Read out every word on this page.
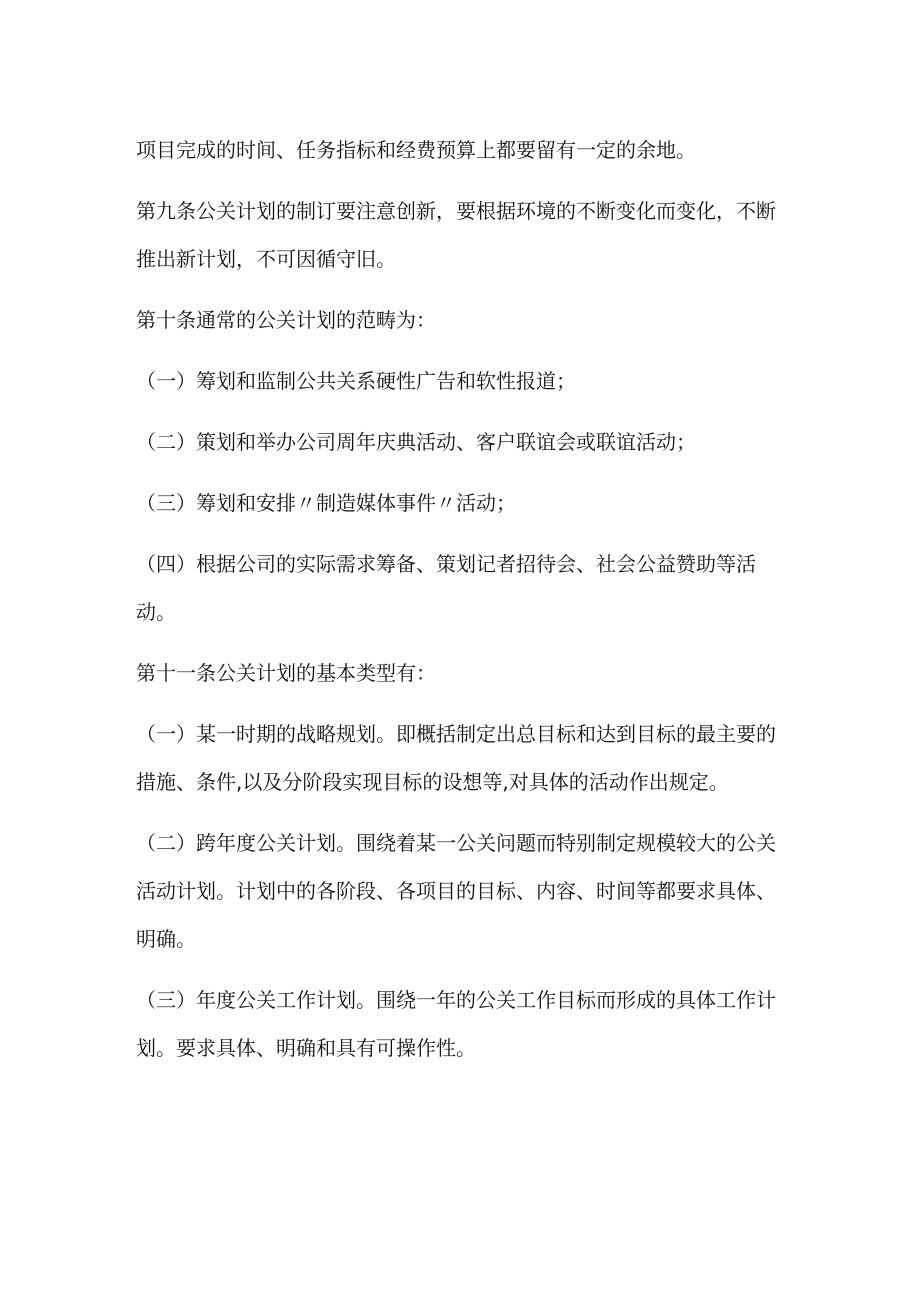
项目完成的时间、任务指标和经费预算上都要留有一定的余地。

第九条公关计划的制订要注意创新，要根据环境的不断变化而变化，不断
推出新计划，不可因循守旧。

第十条通常的公关计划的范畴为：

（一）筹划和监制公共关系硬性广告和软性报道；

（二）策划和举办公司周年庆典活动、客户联谊会或联谊活动；

（三）筹划和安排〃制造媒体事件〃活动；

（四）根据公司的实际需求筹备、策划记者招待会、社会公益赞助等活
动。

第十一条公关计划的基本类型有：

（一）某一时期的战略规划。即概括制定出总目标和达到目标的最主要的
措施、条件,以及分阶段实现目标的设想等,对具体的活动作出规定。

（二）跨年度公关计划。围绕着某一公关问题而特别制定规模较大的公关
活动计划。计划中的各阶段、各项目的目标、内容、时间等都要求具体、
明确。

（三）年度公关工作计划。围绕一年的公关工作目标而形成的具体工作计
划。要求具体、明确和具有可操作性。
